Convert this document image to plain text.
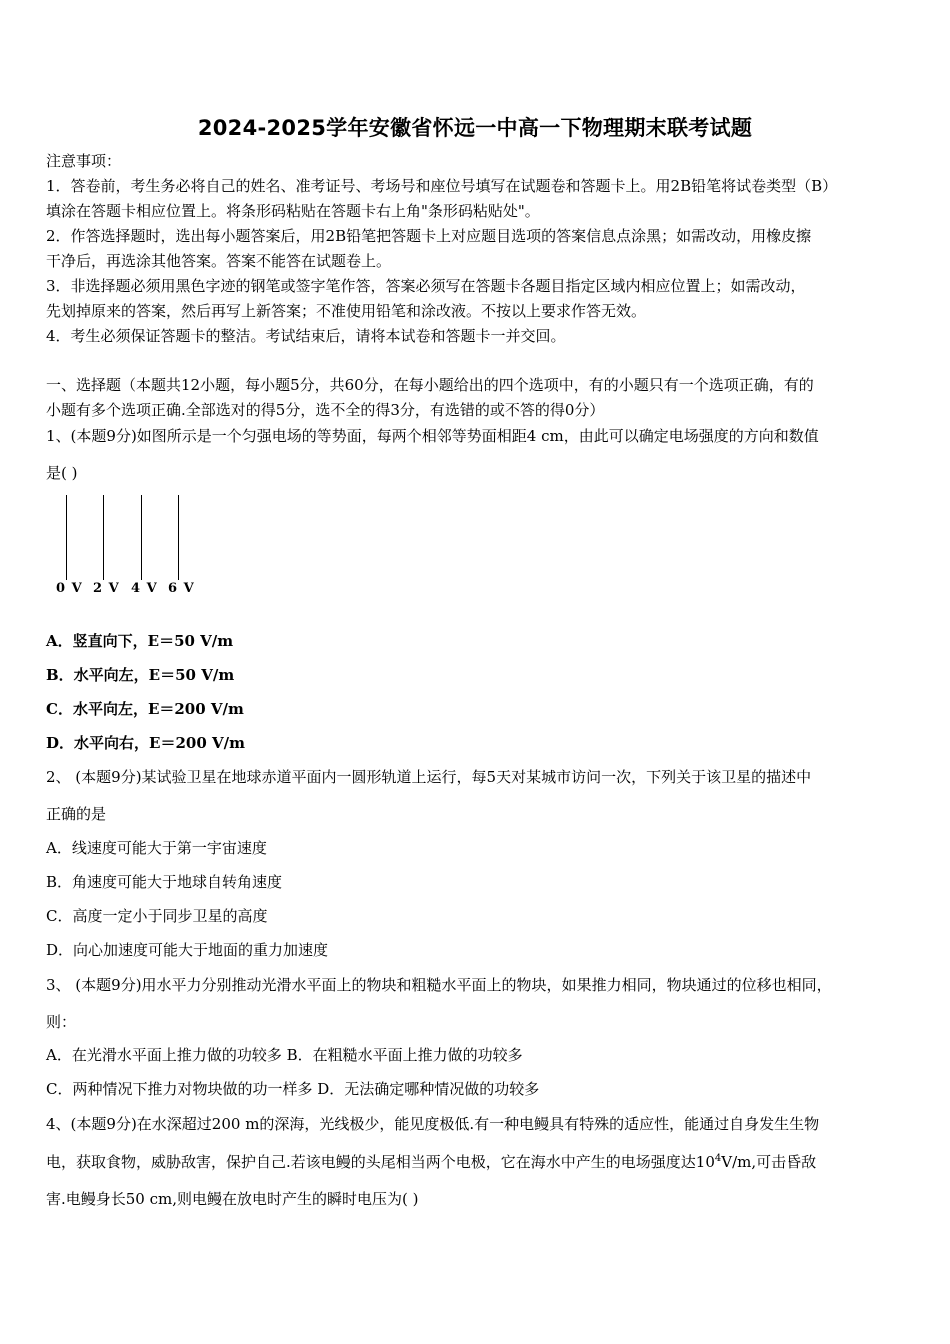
2024-2025学年安徽省怀远一中高一下物理期末联考试题
注意事项：
1．答卷前，考生务必将自己的姓名、准考证号、考场号和座位号填写在试题卷和答题卡上。用2B铅笔将试卷类型（B）
填涂在答题卡相应位置上。将条形码粘贴在答题卡右上角"条形码粘贴处"。
2．作答选择题时，选出每小题答案后，用2B铅笔把答题卡上对应题目选项的答案信息点涂黑；如需改动，用橡皮擦
干净后，再选涂其他答案。答案不能答在试题卷上。
3．非选择题必须用黑色字迹的钢笔或签字笔作答，答案必须写在答题卡各题目指定区域内相应位置上；如需改动，
先划掉原来的答案，然后再写上新答案；不准使用铅笔和涂改液。不按以上要求作答无效。
4．考生必须保证答题卡的整洁。考试结束后，请将本试卷和答题卡一并交回。
一、选择题（本题共12小题，每小题5分，共60分，在每小题给出的四个选项中，有的小题只有一个选项正确，有的
小题有多个选项正确.全部选对的得5分，选不全的得3分，有选错的或不答的得0分）
1、(本题9分)如图所示是一个匀强电场的等势面，每两个相邻等势面相距4 cm，由此可以确定电场强度的方向和数值
是( )
0 V 2 V 4 V 6 V
A．竖直向下，E＝50 V/m
B．水平向左，E＝50 V/m
C．水平向左，E＝200 V/m
D．水平向右，E＝200 V/m
2、 (本题9分)某试验卫星在地球赤道平面内一圆形轨道上运行，每5天对某城市访问一次，下列关于该卫星的描述中
正确的是
A．线速度可能大于第一宇宙速度
B．角速度可能大于地球自转角速度
C．高度一定小于同步卫星的高度
D．向心加速度可能大于地面的重力加速度
3、 (本题9分)用水平力分别推动光滑水平面上的物块和粗糙水平面上的物块，如果推力相同，物块通过的位移也相同，
则：
A．在光滑水平面上推力做的功较多 B．在粗糙水平面上推力做的功较多
C．两种情况下推力对物块做的功一样多 D．无法确定哪种情况做的功较多
4、(本题9分)在水深超过200 m的深海，光线极少，能见度极低.有一种电鳗具有特殊的适应性，能通过自身发生生物
电，获取食物，威胁敌害，保护自己.若该电鳗的头尾相当两个电极，它在海水中产生的电场强度达$10^4V/m$,可击昏敌
害.电鳗身长50 cm,则电鳗在放电时产生的瞬时电压为( )
